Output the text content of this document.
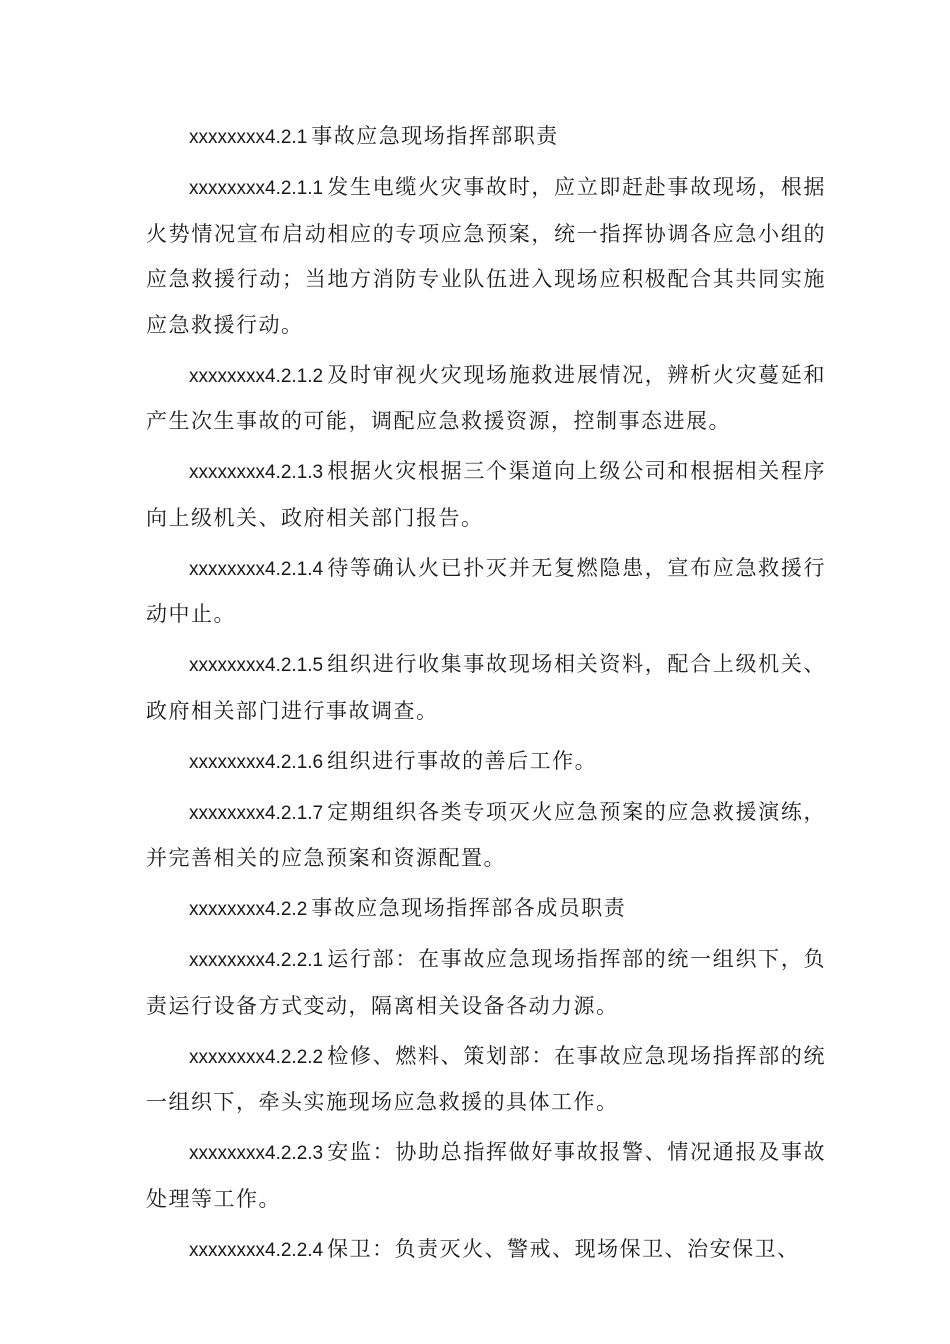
xxxxxxxx4.2.1 事故应急现场指挥部职责

xxxxxxxx4.2.1.1 发生电缆火灾事故时，应立即赶赴事故现场，根据火势情况宣布启动相应的专项应急预案，统一指挥协调各应急小组的应急救援行动；当地方消防专业队伍进入现场应积极配合其共同实施应急救援行动。

xxxxxxxx4.2.1.2 及时审视火灾现场施救进展情况，辨析火灾蔓延和产生次生事故的可能，调配应急救援资源，控制事态进展。

xxxxxxxx4.2.1.3 根据火灾根据三个渠道向上级公司和根据相关程序向上级机关、政府相关部门报告。

xxxxxxxx4.2.1.4 待等确认火已扑灭并无复燃隐患，宣布应急救援行动中止。

xxxxxxxx4.2.1.5 组织进行收集事故现场相关资料，配合上级机关、政府相关部门进行事故调查。

xxxxxxxx4.2.1.6 组织进行事故的善后工作。

xxxxxxxx4.2.1.7 定期组织各类专项灭火应急预案的应急救援演练，并完善相关的应急预案和资源配置。

xxxxxxxx4.2.2 事故应急现场指挥部各成员职责

xxxxxxxx4.2.2.1 运行部：在事故应急现场指挥部的统一组织下，负责运行设备方式变动，隔离相关设备各动力源。

xxxxxxxx4.2.2.2 检修、燃料、策划部：在事故应急现场指挥部的统一组织下，牵头实施现场应急救援的具体工作。

xxxxxxxx4.2.2.3 安监：协助总指挥做好事故报警、情况通报及事故处理等工作。

xxxxxxxx4.2.2.4 保卫：负责灭火、警戒、现场保卫、治安保卫、
